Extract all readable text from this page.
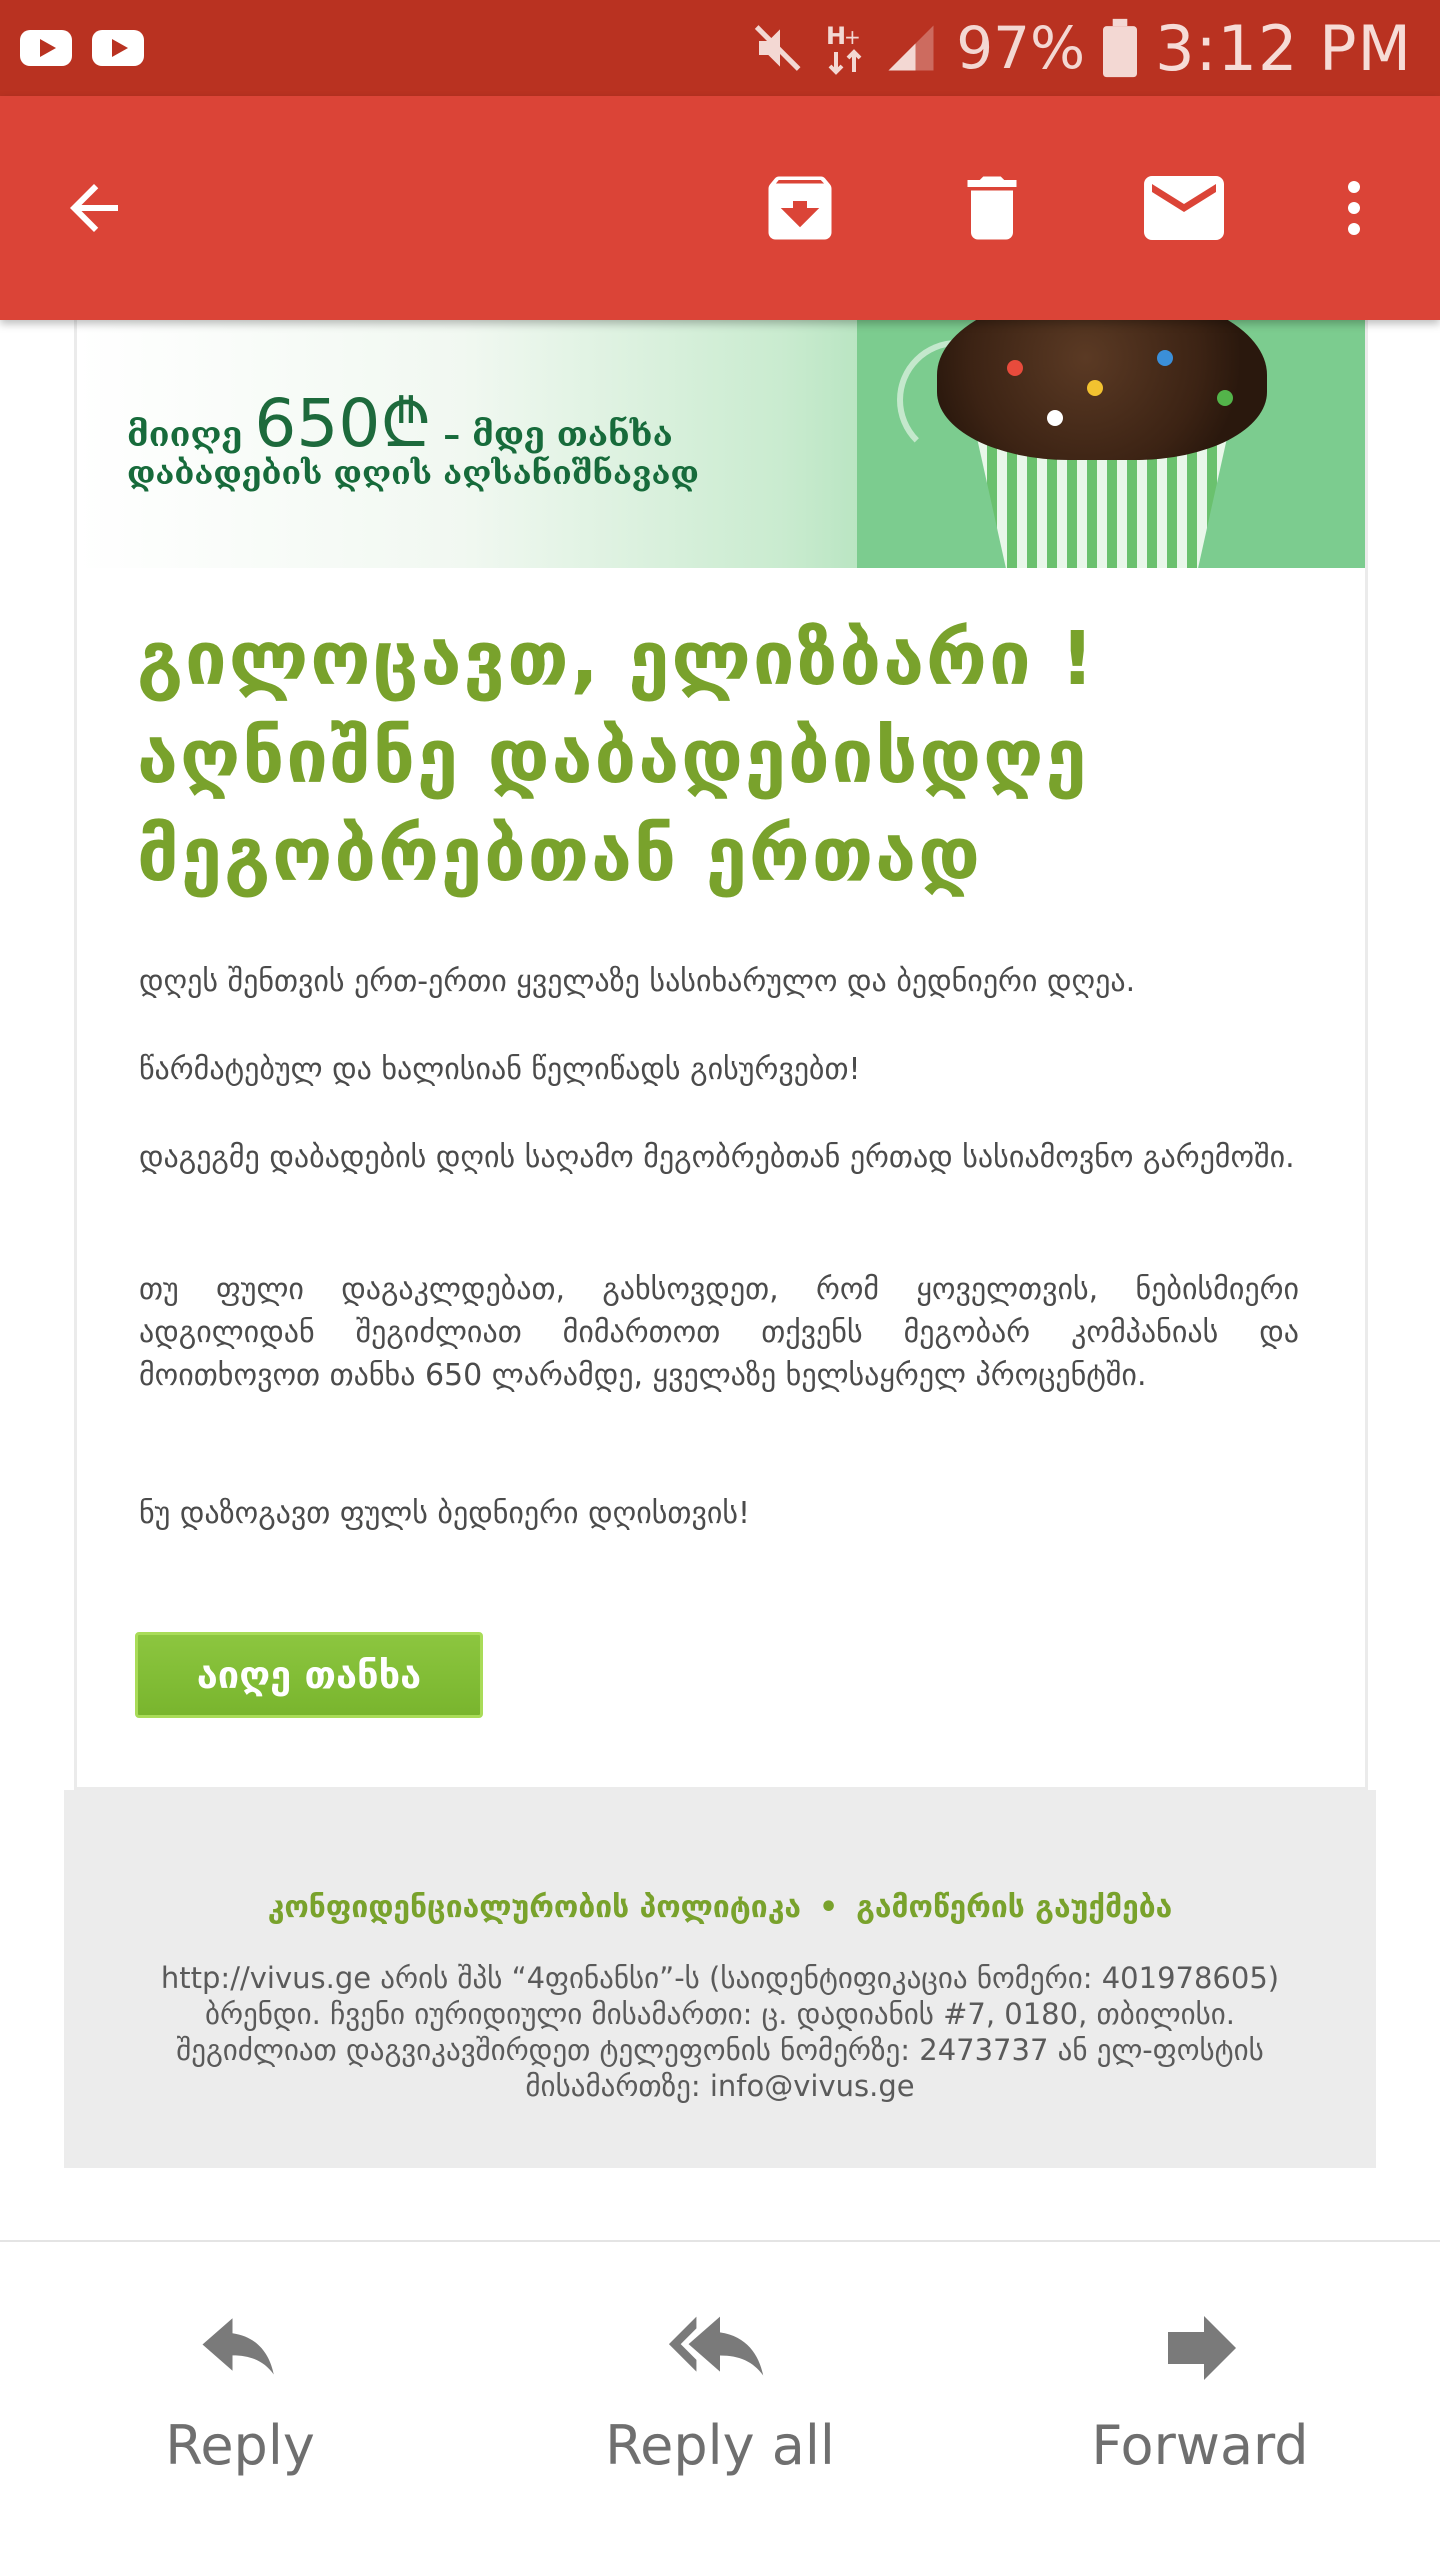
H
+ 97% 3:12 PM
მიიღე 650₾ – მდე თანხა
დაბადების დღის აღსანიშნავად
გილოცავთ, ელიზბარი ! აღნიშნე დაბადებისდღე მეგობრებთან ერთად
დღეს შენთვის ერთ-ერთი ყველაზე სასიხარულო და ბედნიერი დღეა.
წარმატებულ და ხალისიან წელიწადს გისურვებთ!
დაგეგმე დაბადების დღის საღამო მეგობრებთან ერთად სასიამოვნო გარემოში.
თუ ფული დაგაკლდებათ, გახსოვდეთ, რომ ყოველთვის, ნებისმიერი ადგილიდან შეგიძლიათ მიმართოთ თქვენს მეგობარ კომპანიას და მოითხოვოთ თანხა 650 ლარამდე, ყველაზე ხელსაყრელ პროცენტში.
ნუ დაზოგავთ ფულს ბედნიერი დღისთვის!
აიღე თანხა
კონფიდენციალურობის პოლიტიკა • გამოწერის გაუქმება
http://vivus.ge არის შპს “4ფინანსი”-ს (საიდენტიფიკაცია ნომერი: 401978605) ბრენდი. ჩვენი იურიდიული მისამართი: ც. დადიანის #7, 0180, თბილისი. შეგიძლიათ დაგვიკავშირდეთ ტელეფონის ნომერზე: 2473737 ან ელ-ფოსტის მისამართზე: info@vivus.ge
Reply	Reply all	Forward
